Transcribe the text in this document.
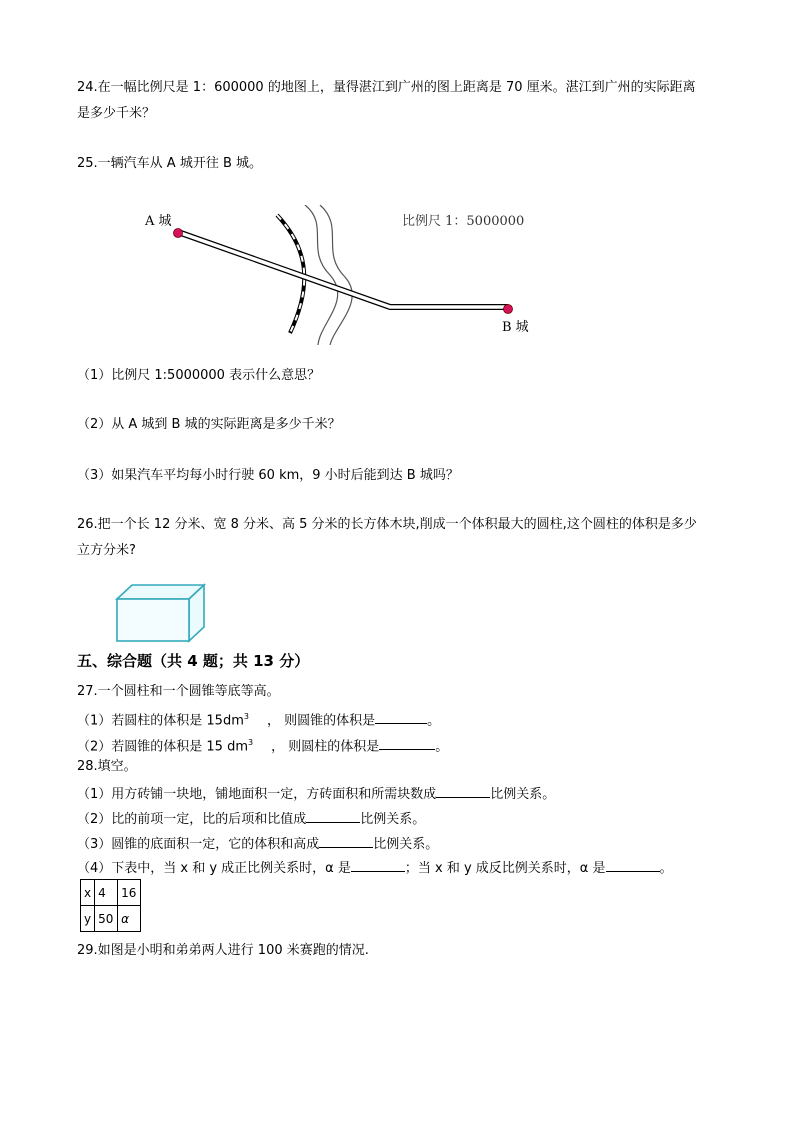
24.在一幅比例尺是 1：600000 的地图上，量得湛江到广州的图上距离是 70 厘米。湛江到广州的实际距离
是多少千米？
25.一辆汽车从 A 城开往 B 城。
A 城
B 城
比例尺 1：5000000
（1）比例尺 1:5000000 表示什么意思？
（2）从 A 城到 B 城的实际距离是多少千米？
（3）如果汽车平均每小时行驶 60 km，9 小时后能到达 B 城吗？
26.把一个长 12 分米、宽 8 分米、高 5 分米的长方体木块,削成一个体积最大的圆柱,这个圆柱的体积是多少
立方分米?
五、综合题（共 4 题；共 13 分）
27.一个圆柱和一个圆锥等底等高。
（1）若圆柱的体积是 $15dm^3$ ， 则圆锥的体积是	。
（2）若圆锥的体积是 15 $dm^3$ ， 则圆柱的体积是	。
28.填空。
（1）用方砖铺一块地，铺地面积一定，方砖面积和所需块数成	比例关系。
（2）比的前项一定，比的后项和比值成	比例关系。
（3）圆锥的底面积一定，它的体积和高成	比例关系。
（4）下表中，当 x 和 y 成正比例关系时，α 是	；当 x 和 y 成反比例关系时，α 是	。
x	4	16
y	50	α
29.如图是小明和弟弟两人进行 100 米赛跑的情况.
